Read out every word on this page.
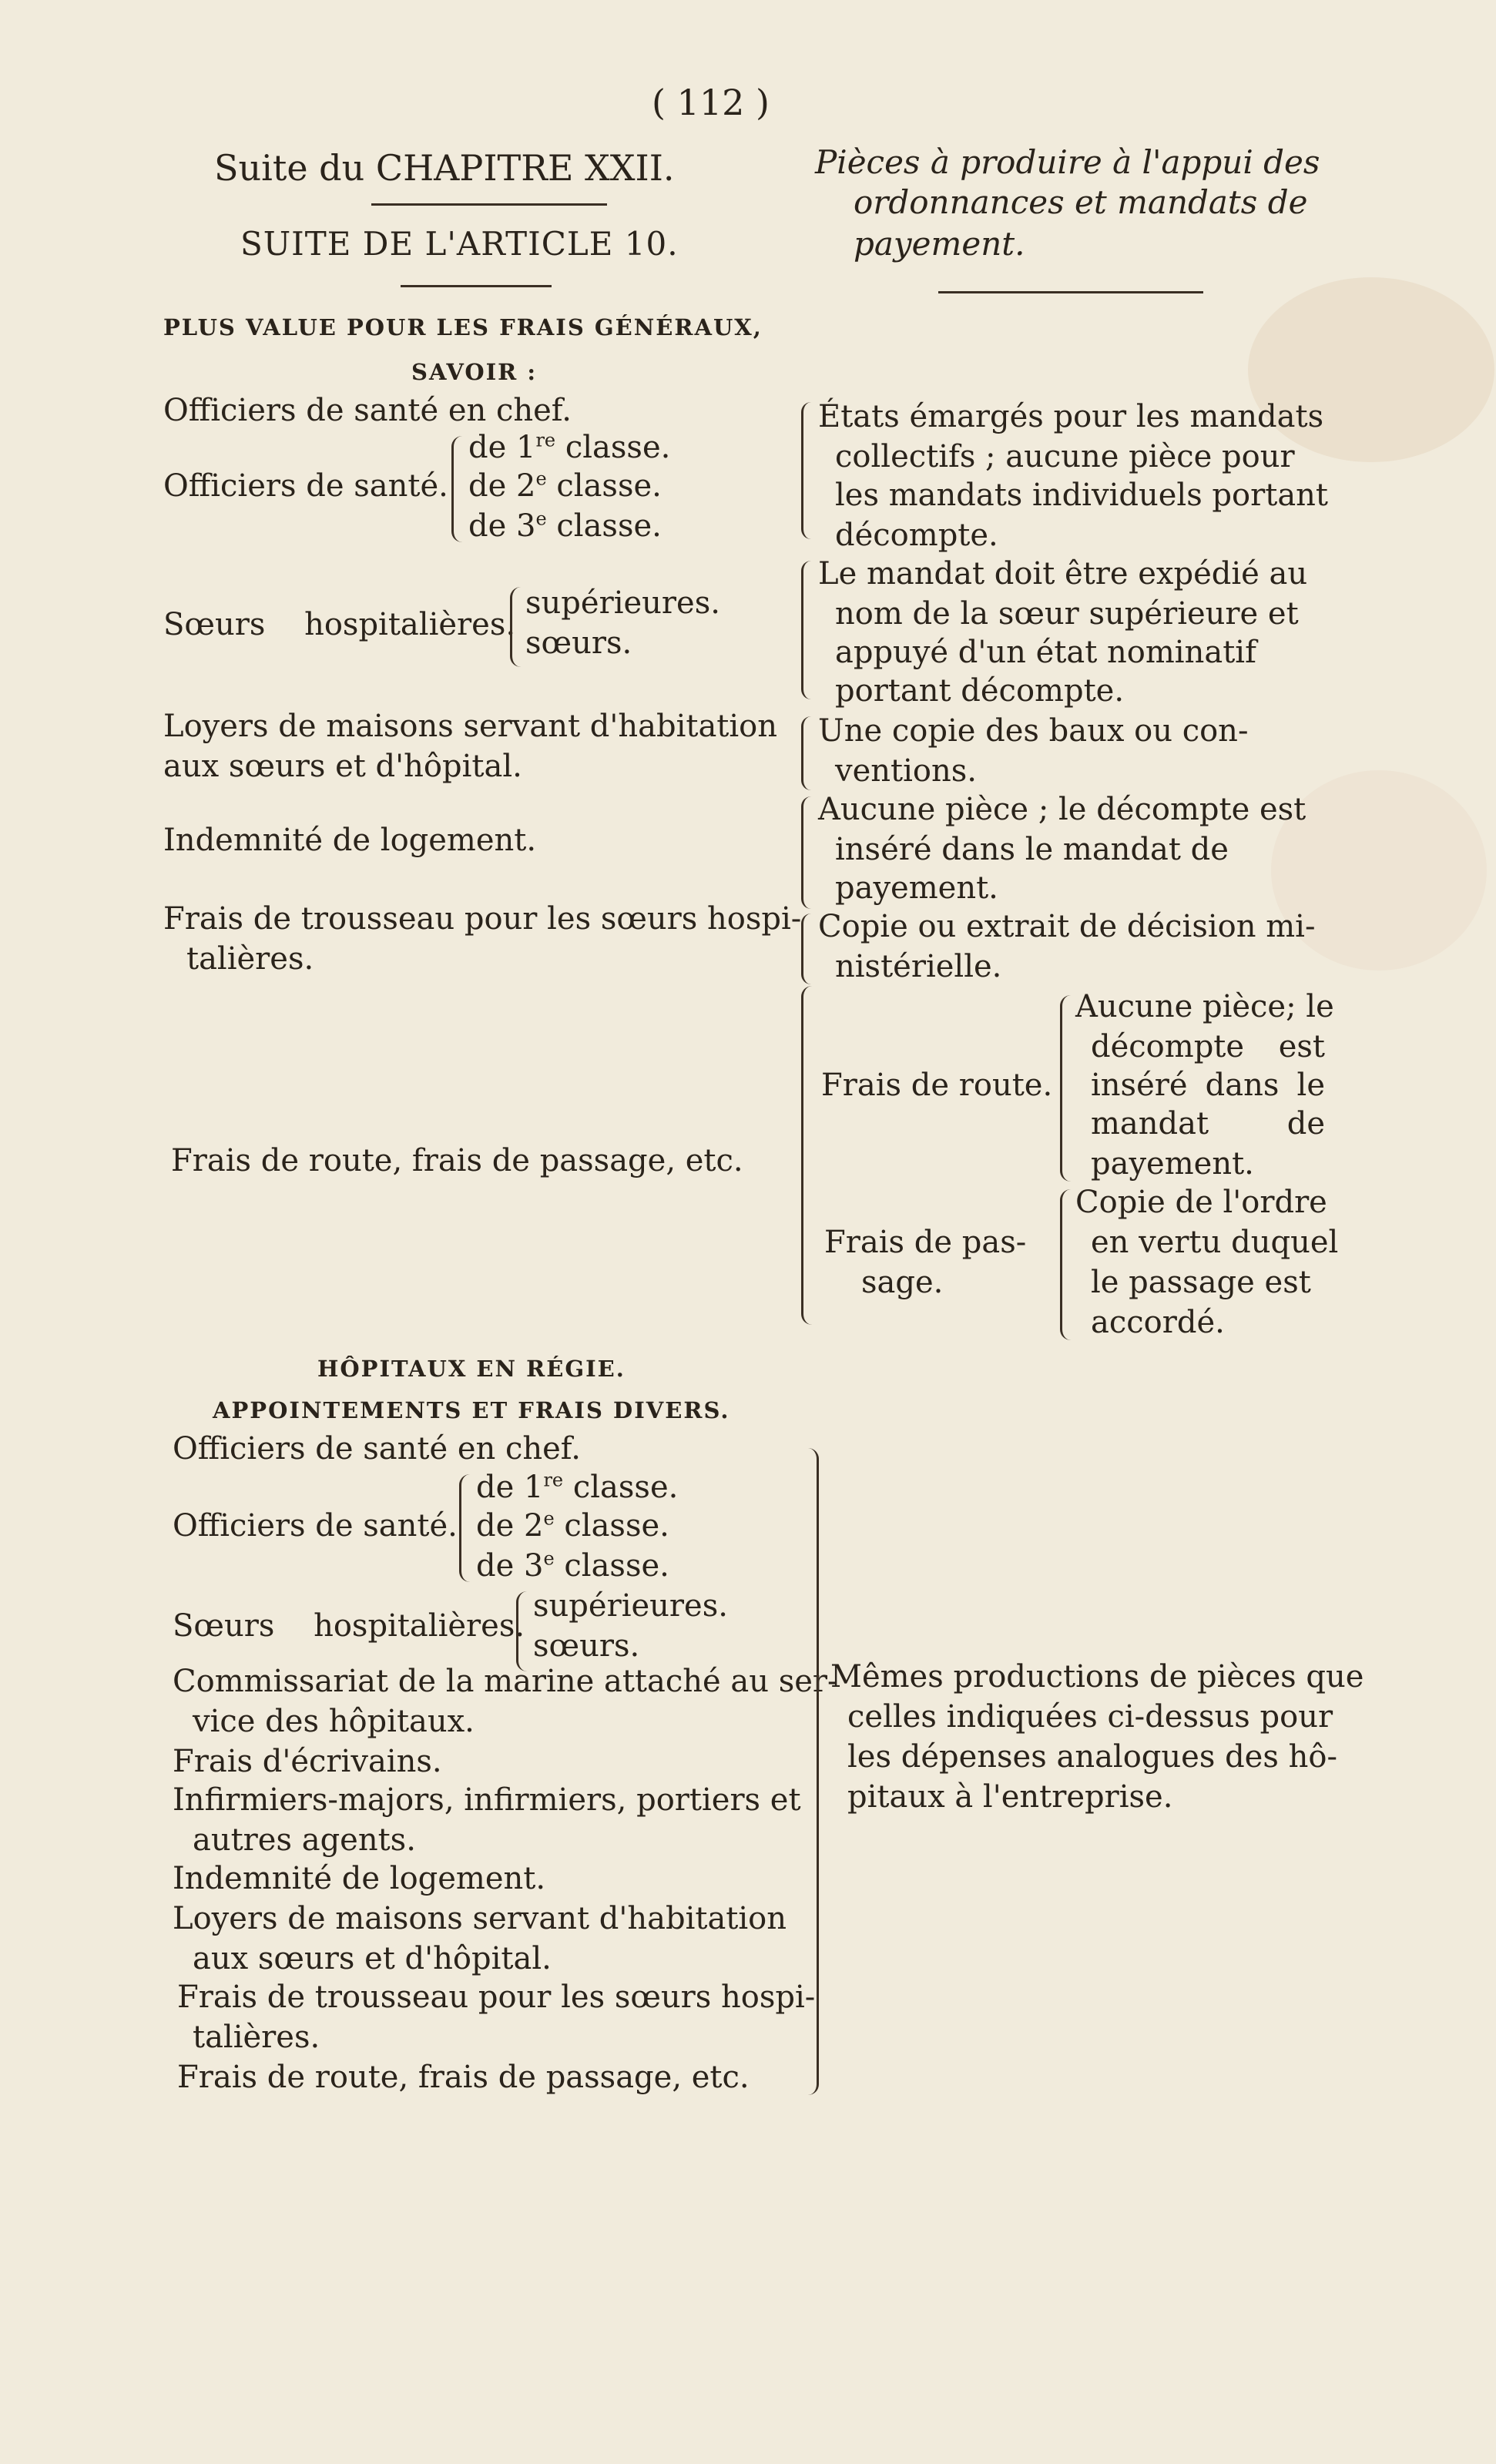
( 112 )
Suite du CHAPITRE XXII.
SUITE DE L'ARTICLE 10.
Pièces à produire à l'appui des
ordonnances et mandats de
payement.
PLUS VALUE POUR LES FRAIS GÉNÉRAUX,
SAVOIR :
Officiers de santé en chef.
Officiers de santé.
de 1re classe.
de 2e classe.
de 3e classe.
Sœurs hospitalières.
supérieures.
sœurs.
Loyers de maisons servant d'habitation
aux sœurs et d'hôpital.
Indemnité de logement.
Frais de trousseau pour les sœurs hospi-
talières.
Frais de route, frais de passage, etc.
États émargés pour les mandats
collectifs ; aucune pièce pour
les mandats individuels portant
décompte.
Le mandat doit être expédié au
nom de la sœur supérieure et
appuyé d'un état nominatif
portant décompte.
Une copie des baux ou con-
ventions.
Aucune pièce ; le décompte est
inséré dans le mandat de
payement.
Copie ou extrait de décision mi-
nistérielle.
Frais de route.
Aucune pièce; le
décompte est
inséré dans le
mandat de
payement.
Frais de pas-
sage.
Copie de l'ordre
en vertu duquel
le passage est
accordé.
HÔPITAUX EN RÉGIE.
APPOINTEMENTS ET FRAIS DIVERS.
Officiers de santé en chef.
Officiers de santé.
de 1re classe.
de 2e classe.
de 3e classe.
Sœurs hospitalières.
supérieures.
sœurs.
Commissariat de la marine attaché au ser-
vice des hôpitaux.
Frais d'écrivains.
Infirmiers-majors, infirmiers, portiers et
autres agents.
Indemnité de logement.
Loyers de maisons servant d'habitation
aux sœurs et d'hôpital.
Frais de trousseau pour les sœurs hospi-
talières.
Frais de route, frais de passage, etc.
Mêmes productions de pièces que
celles indiquées ci-dessus pour
les dépenses analogues des hô-
pitaux à l'entreprise.
